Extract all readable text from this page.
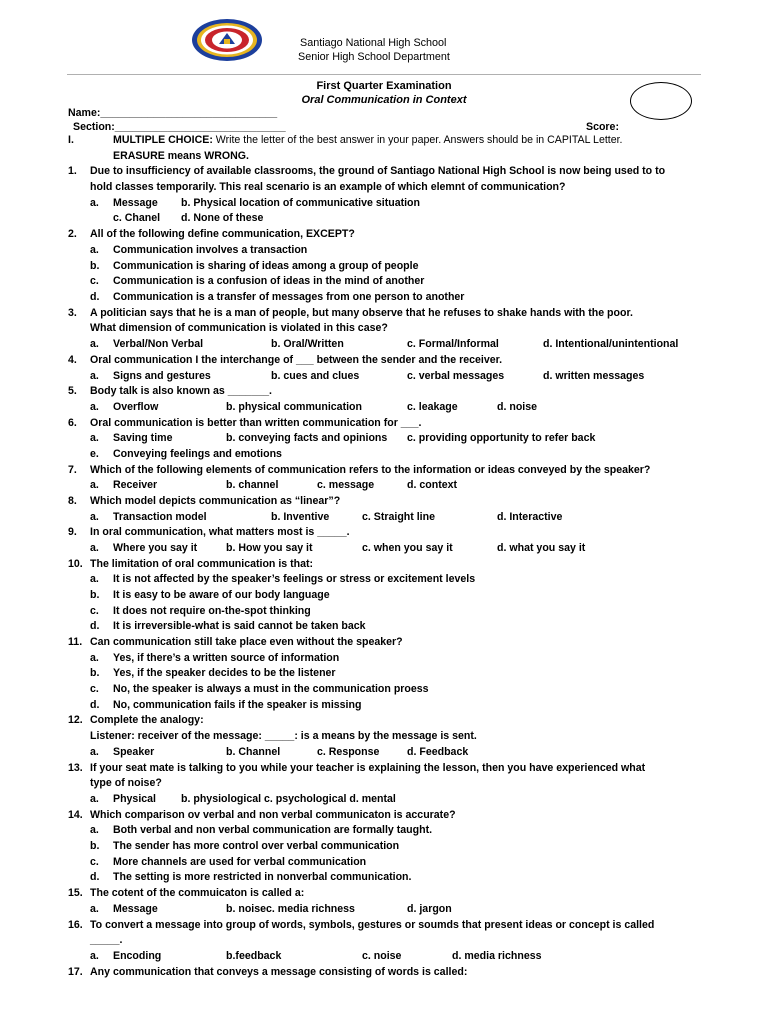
Santiago National High School
Senior High School Department
First Quarter Examination
Oral Communication in Context
Name:______________________________
Section:_____________________________	Score:
I.	MULTIPLE CHOICE: Write the letter of the best answer in your paper. Answers should be in CAPITAL Letter.
ERASURE means WRONG.
1. Due to insufficiency of available classrooms, the ground of Santiago National High School is now being used to to
hold classes temporarily. This real scenario is an example of which elemnt of communication?
a. Message b. Physical location of communicative situation
c. Chanel d. None of these
2. All of the following define communication, EXCEPT?
a. Communication involves a transaction
b. Communication is sharing of ideas among a group of people
c. Communication is a confusion of ideas in the mind of another
d. Communication is a transfer of messages from one person to another
3. A politician says that he is a man of people, but many observe that he refuses to shake hands with the poor.
What dimension of communication is violated in this case?
a. Verbal/Non Verbal	b. Oral/Written	c. Formal/Informal	d. Intentional/unintentional
4. Oral communication I the interchange of ___ between the sender and the receiver.
a. Signs and gestures	b. cues and clues	c. verbal messages	d. written messages
5. Body talk is also known as _______.
a. Overflow	b. physical communication	c. leakage	d. noise
6. Oral communication is better than written communication for ___.
a. Saving time	b. conveying facts and opinions c. providing opportunity to refer back
e. Conveying feelings and emotions
7. Which of the following elements of communication refers to the information or ideas conveyed by the speaker?
a. Receiver	b. channel	c. message	d. context
8. Which model depicts communication as “linear”?
a. Transaction model	b. Inventive	c. Straight line	d. Interactive
9. In oral communication, what matters most is _____.
a. Where you say it	b. How you say it	c. when you say it	d. what you say it
10. The limitation of oral communication is that:
a. It is not affected by the speaker’s feelings or stress or excitement levels
b. It is easy to be aware of our body language
c. It does not require on-the-spot thinking
d. It is irreversible-what is said cannot be taken back
11. Can communication still take place even without the speaker?
a. Yes, if there’s a written source of information
b. Yes, if the speaker decides to be the listener
c. No, the speaker is always a must in the communication proess
d. No, communication fails if the speaker is missing
12. Complete the analogy:
Listener: receiver of the message: _____: is a means by the message is sent.
a. Speaker	b. Channel	c. Response	d. Feedback
13. If your seat mate is talking to you while your teacher is explaining the lesson, then you have experienced what
type of noise?
a. Physical b. physiological c. psychological d. mental
14. Which comparison ov verbal and non verbal communicaton is accurate?
a. Both verbal and non verbal communication are formally taught.
b. The sender has more control over verbal communication
c. More channels are used for verbal communication
d. The setting is more restricted in nonverbal communication.
15. The cotent of the commuicaton is called a:
a. Message	b. noisec. media richness	d. jargon
16. To convert a message into group of words, symbols, gestures or soumds that present ideas or concept is called
_____.
a. Encoding	b.feedback	c. noise	d. media richness
17. Any communication that conveys a message consisting of words is called:
